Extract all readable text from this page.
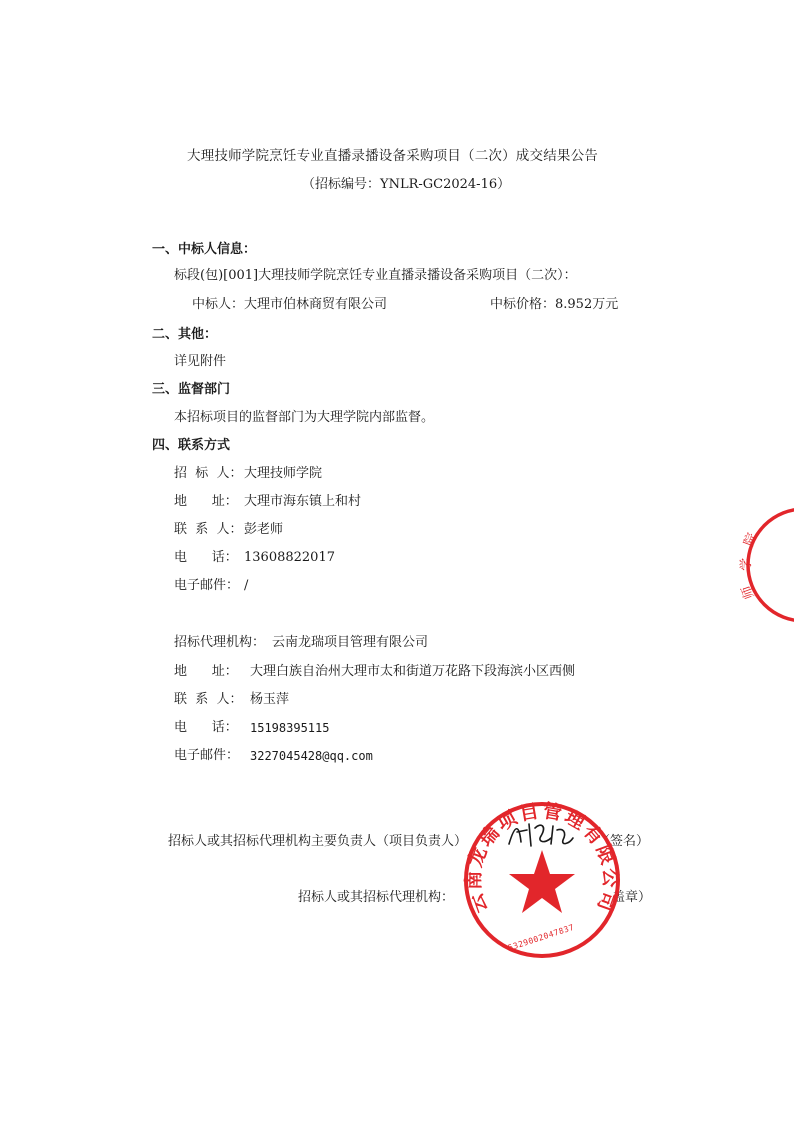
大理技师学院烹饪专业直播录播设备采购项目（二次）成交结果公告
（招标编号：YNLR-GC2024-16）
一、中标人信息：
标段(包)[001]大理技师学院烹饪专业直播录播设备采购项目（二次）：
中标人：大理市伯林商贸有限公司	中标价格：8.952万元
二、其他：
详见附件
三、监督部门
本招标项目的监督部门为大理学院内部监督。
四、联系方式
招  标  人： 大理技师学院
地      址： 大理市海东镇上和村
联  系  人： 彭老师
电      话： 13608822017
电子邮件： /
招标代理机构： 云南龙瑞项目管理有限公司
地      址： 大理白族自治州大理市太和街道万花路下段海滨小区西侧
联  系  人： 杨玉萍
电      话： 15198395115
电子邮件： 3227045428@qq.com
招标人或其招标代理机构主要负责人（项目负责人）	（签名）
招标人或其招标代理机构：	盖章）
云南龙瑞项目管理有限公司
5329002047837
院
学
师
